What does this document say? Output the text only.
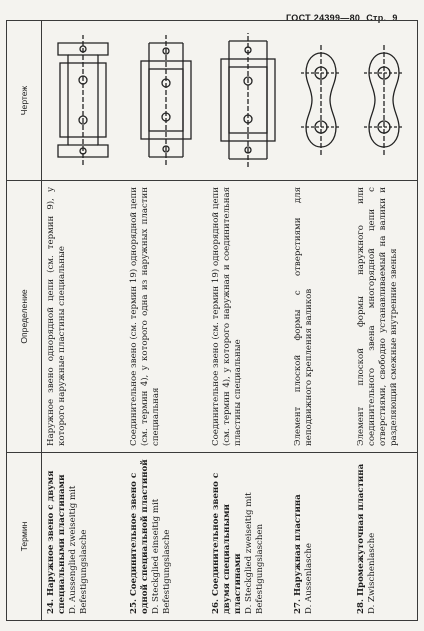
ГОСТ 24399—80 Стр. 9
Термин	Определение	Чертеж
24. Наружное звено с двумя специальными пластинами D. Aussenglied zweiseitig mit Befestigungslasche	Наружное звено однорядной цепи (см. термин 9), у которого наружные пластины специальные	

25. Соединительное звено с одной специальной пластиной D. Steckglied einseitig mit Befestigungslasche	Соединительное звено (см. термин 19) однорядной цепи (см. термин 4), у которого одна из наружных пластин специальная	

26. Соединительное звено с двумя специальными пластинами D. Steckglied zweiseitig mit Befestigungslaschen	Соединительное звено (см. термин 19) однорядной цепи (см. термин 4), у которого наружная и соединительная пластины специальные	

27. Наружная пластина D. Aussenlasche	Элемент плоской формы с отверстиями для неподвижного крепления валиков	

28. Промежуточная пластина D. Zwischenlasche	Элемент плоской формы наружного или соединительного звена многорядной цепи с отверстиями, свободно устанавливаемый на валики и разделяющий смежные внутренние звенья	
